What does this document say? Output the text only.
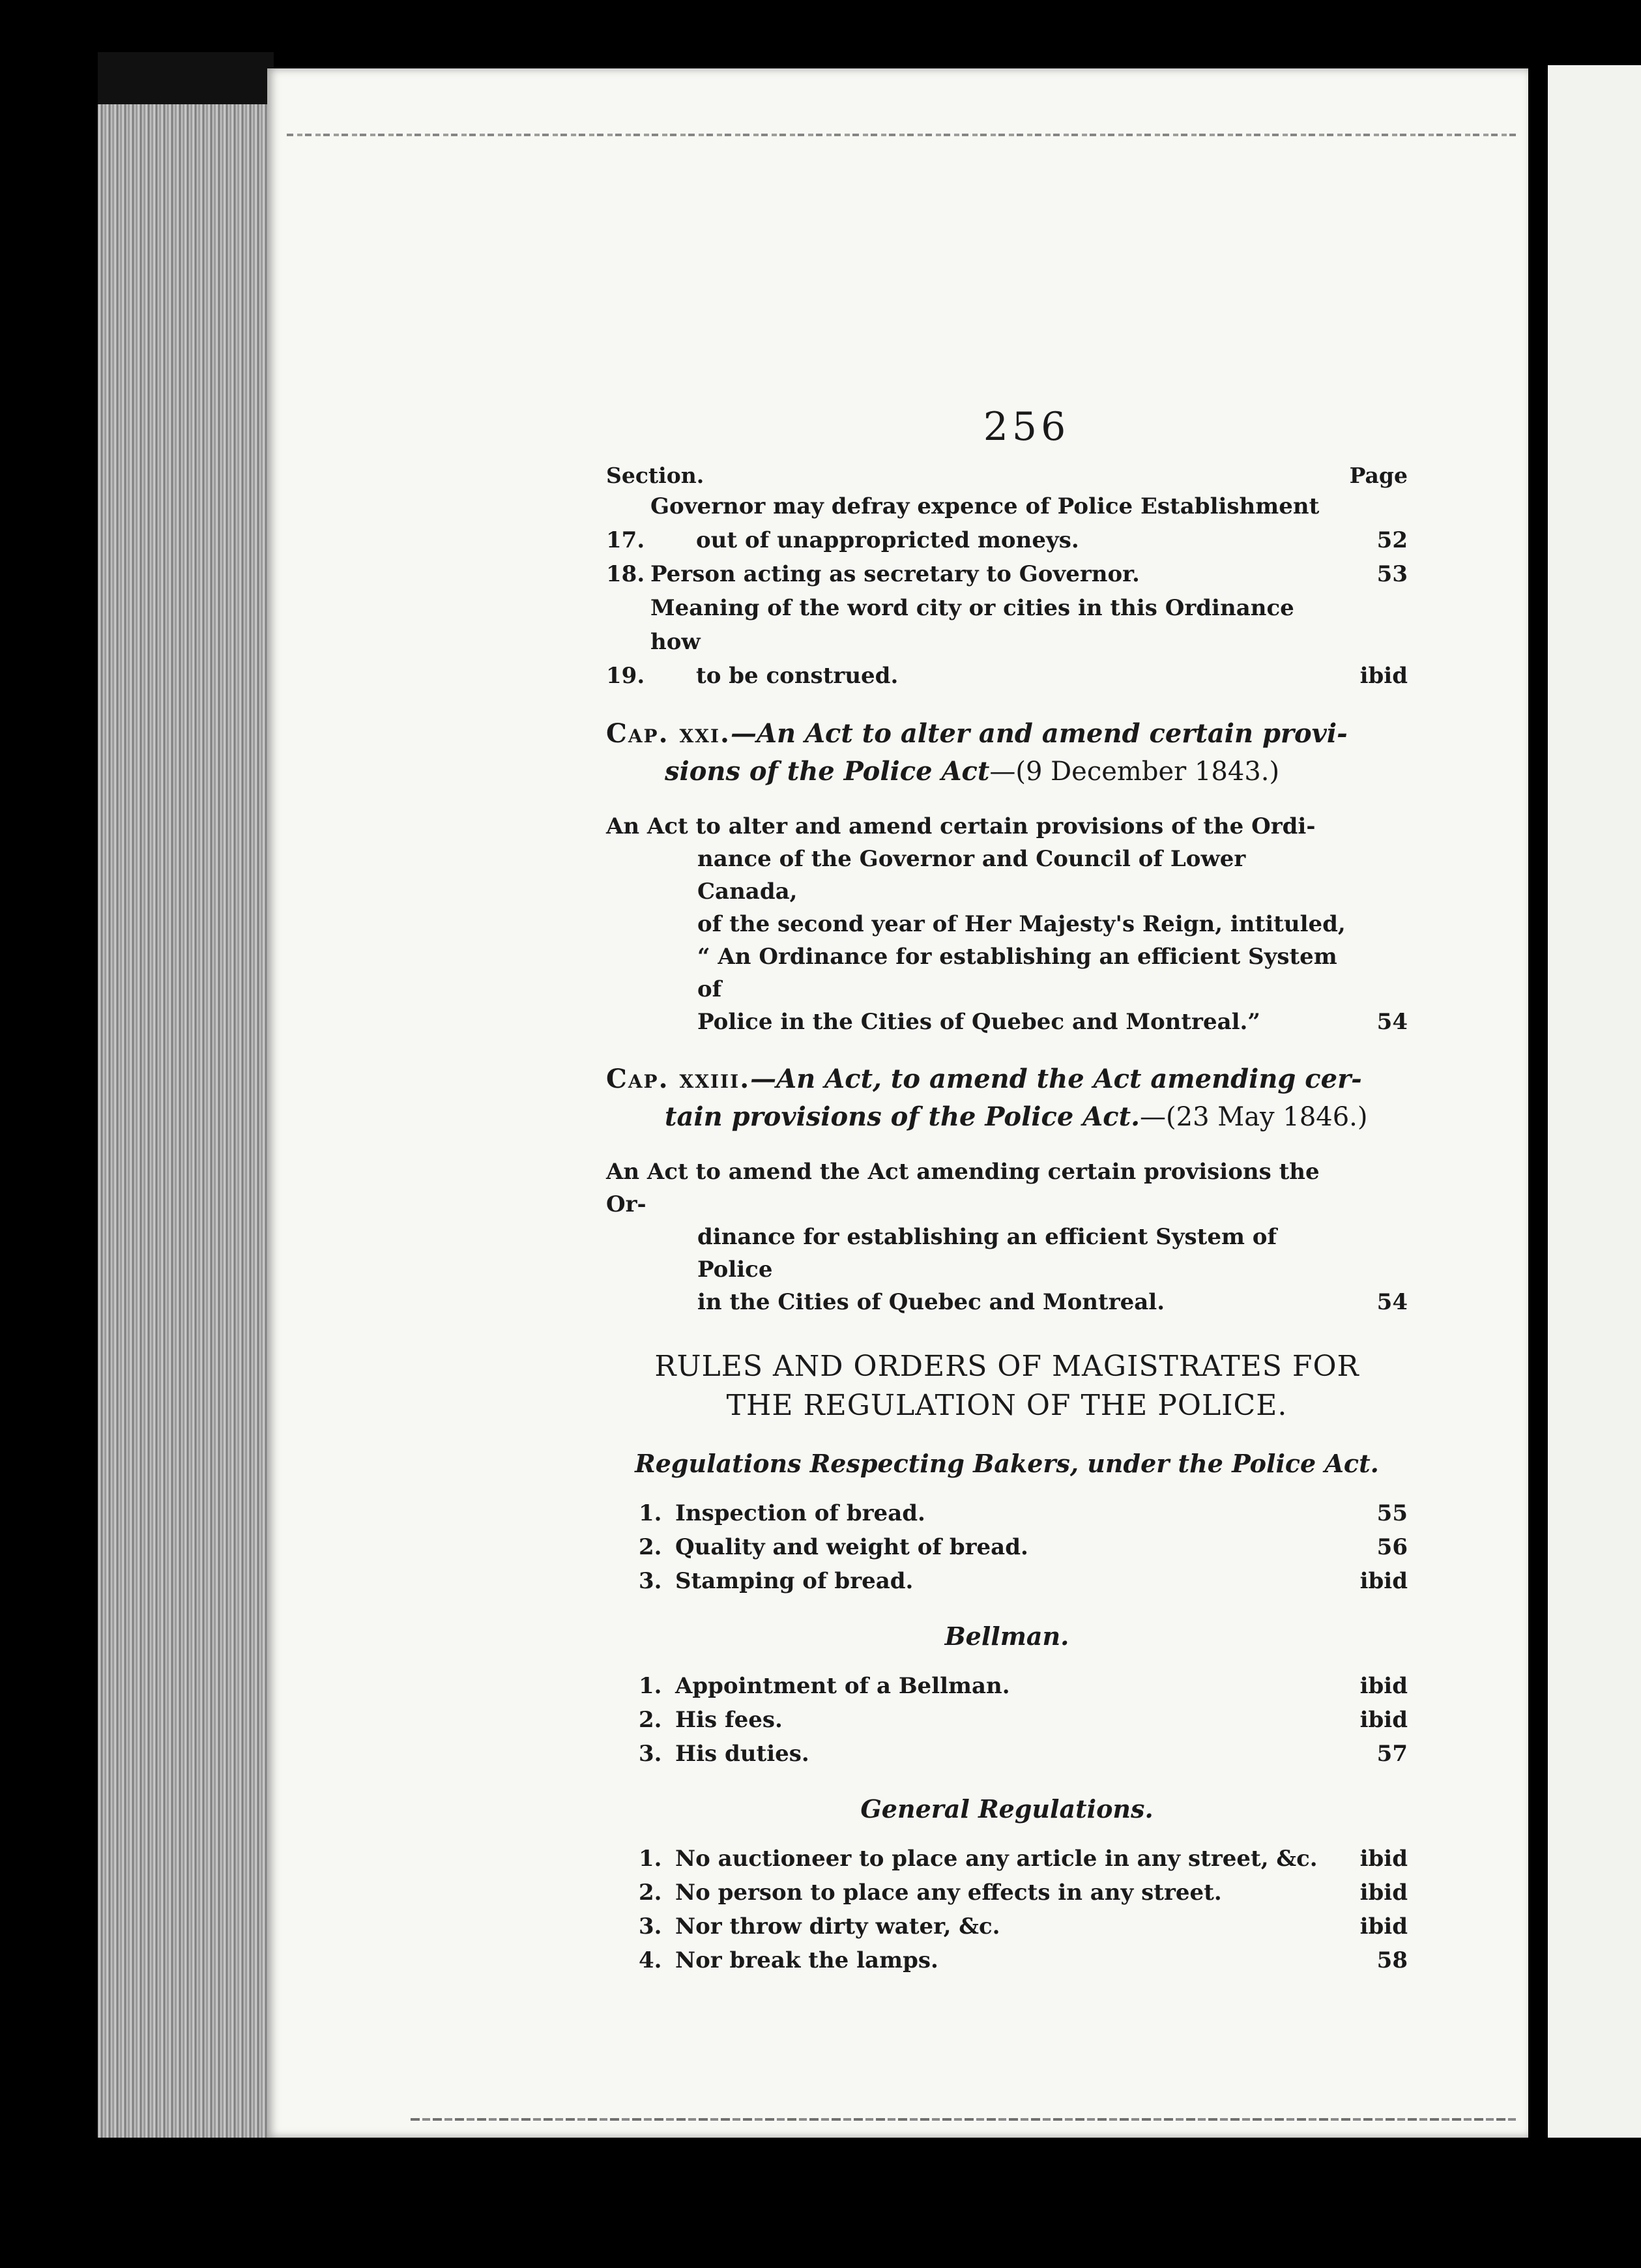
256
Section.	Page
17.
Governor may defray expence of Police Establishment
out of unappropricted moneys.	52
18. Person acting as secretary to Governor.	53
19.
Meaning of the word city or cities in this Ordinance how
to be construed.	ibid
Cap. xxi.—An Act to alter and amend certain provi-
sions of the Police Act—(9 December 1843.)
An Act to alter and amend certain provisions of the Ordi-
nance of the Governor and Council of Lower Canada,
of the second year of Her Majesty's Reign, intituled,
“ An Ordinance for establishing an efficient System of
Police in the Cities of Quebec and Montreal.”	54
Cap. xxiii.—An Act, to amend the Act amending cer-
tain provisions of the Police Act.—(23 May 1846.)
An Act to amend the Act amending certain provisions the Or-
dinance for establishing an efficient System of Police
in the Cities of Quebec and Montreal.	54
RULES AND ORDERS OF MAGISTRATES FOR
THE REGULATION OF THE POLICE.
Regulations Respecting Bakers, under the Police Act.
1. Inspection of bread.	55
2. Quality and weight of bread.	56
3. Stamping of bread.	ibid
Bellman.
1. Appointment of a Bellman.	ibid
2. His fees.	ibid
3. His duties.	57
General Regulations.
1. No auctioneer to place any article in any street, &c.	ibid
2. No person to place any effects in any street.	ibid
3. Nor throw dirty water, &c.	ibid
4. Nor break the lamps.	58
